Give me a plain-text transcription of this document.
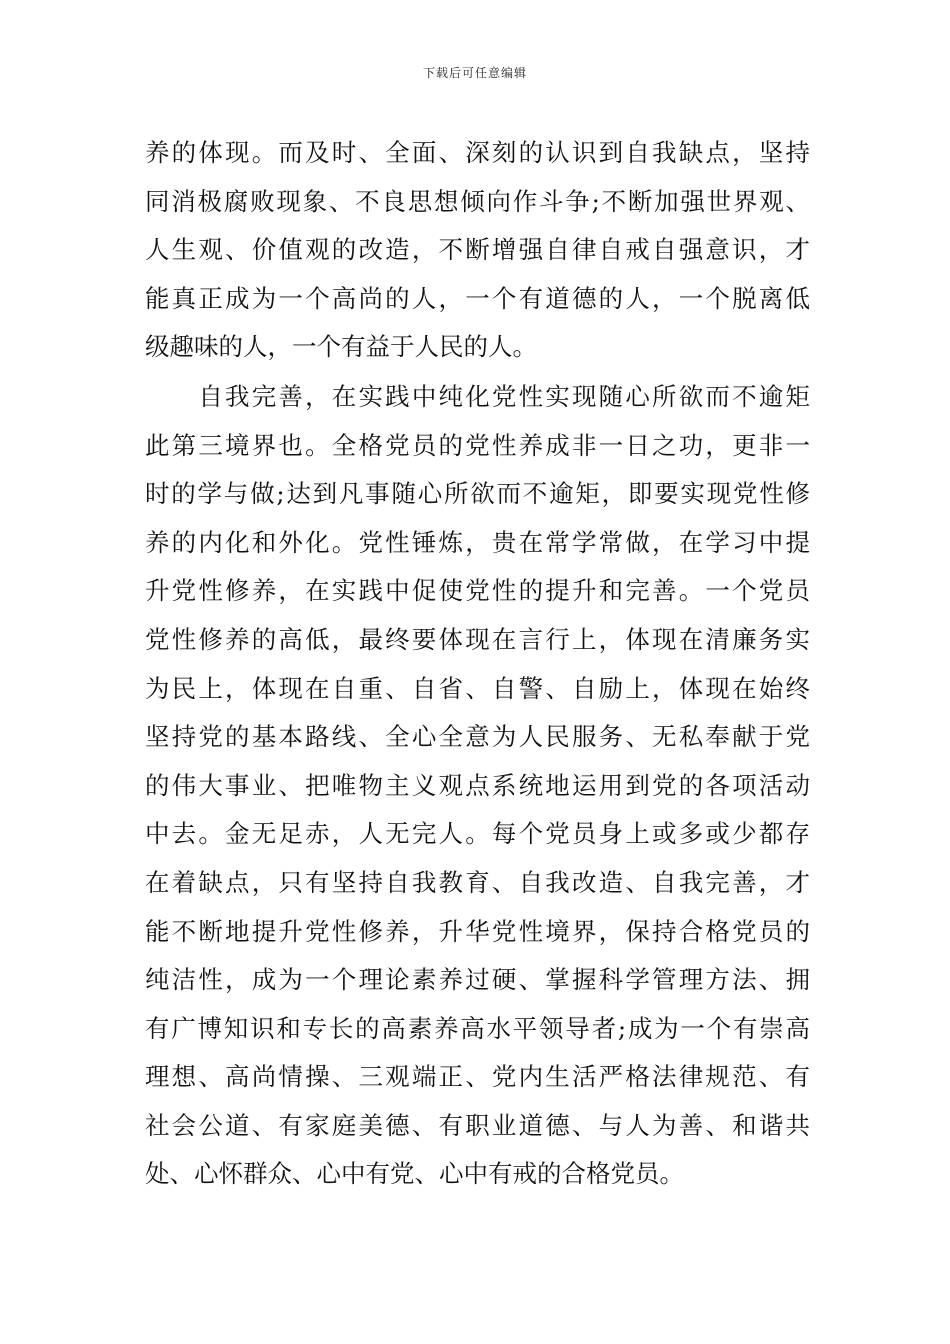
下载后可任意编辑
养的体现。而及时、全面、深刻的认识到自我缺点，坚持
同消极腐败现象、不良思想倾向作斗争;不断加强世界观、
人生观、价值观的改造，不断增强自律自戒自强意识，才
能真正成为一个高尚的人，一个有道德的人，一个脱离低
级趣味的人，一个有益于人民的人。
　　自我完善，在实践中纯化党性实现随心所欲而不逾矩
此第三境界也。全格党员的党性养成非一日之功，更非一
时的学与做;达到凡事随心所欲而不逾矩，即要实现党性修
养的内化和外化。党性锤炼，贵在常学常做，在学习中提
升党性修养，在实践中促使党性的提升和完善。一个党员
党性修养的高低，最终要体现在言行上，体现在清廉务实
为民上，体现在自重、自省、自警、自励上，体现在始终
坚持党的基本路线、全心全意为人民服务、无私奉献于党
的伟大事业、把唯物主义观点系统地运用到党的各项活动
中去。金无足赤，人无完人。每个党员身上或多或少都存
在着缺点，只有坚持自我教育、自我改造、自我完善，才
能不断地提升党性修养，升华党性境界，保持合格党员的
纯洁性，成为一个理论素养过硬、掌握科学管理方法、拥
有广博知识和专长的高素养高水平领导者;成为一个有崇高
理想、高尚情操、三观端正、党内生活严格法律规范、有
社会公道、有家庭美德、有职业道德、与人为善、和谐共
处、心怀群众、心中有党、心中有戒的合格党员。
